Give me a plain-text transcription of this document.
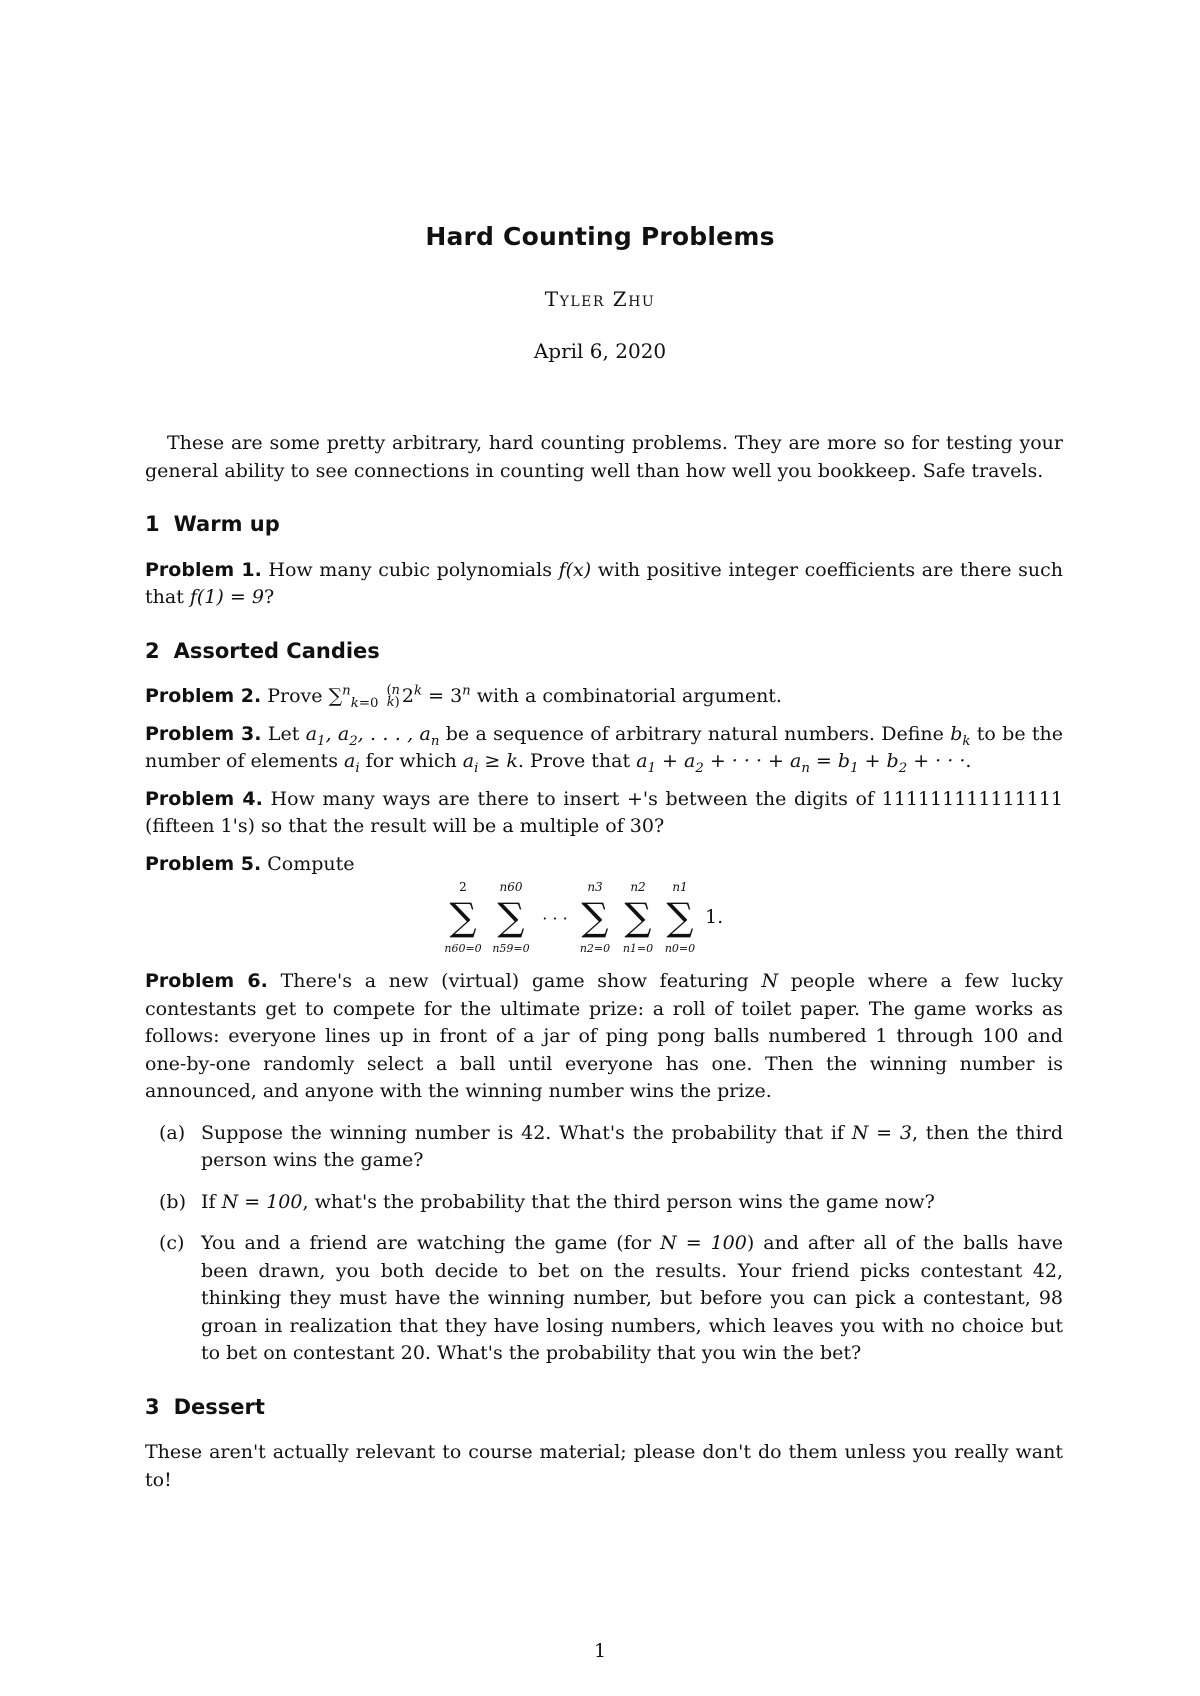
Hard Counting Problems
Tyler Zhu
April 6, 2020

These are some pretty arbitrary, hard counting problems. They are more so for testing your general ability to see connections in counting well than how well you bookkeep. Safe travels.

1 Warm up

Problem 1. How many cubic polynomials f(x) with positive integer coefficients are there such that f(1) = 9?

2 Assorted Candies

Problem 2. Prove ∑$^n_{k=0}$ (n
k) $2^k = 3^n$ with a combinatorial argument.

Problem 3. Let $a_1$, $a_2$, . . . , $a_n$ be a sequence of arbitrary natural numbers. Define $b_k$ to be the number of elements $a_i$ for which $a_i \ge k$. Prove that $a_1 + a_2$ + · · · + $a_n = b_1 + b_2$ + · · ·.

Problem 4. How many ways are there to insert +'s between the digits of 111111111111111 (fifteen 1's) so that the result will be a multiple of 30?

Problem 5. Compute

2
∑
n60=0
n60
∑
n59=0
· · ·
n3
∑
n2=0
n2
∑
n1=0
n1
∑
n0=0
1.

Problem 6. There's a new (virtual) game show featuring N people where a few lucky contestants get to compete for the ultimate prize: a roll of toilet paper. The game works as follows: everyone lines up in front of a jar of ping pong balls numbered 1 through 100 and one-by-one randomly select a ball until everyone has one. Then the winning number is announced, and anyone with the winning number wins the prize.

(a) Suppose the winning number is 42. What's the probability that if N = 3, then the third person wins the game?
(b) If N = 100, what's the probability that the third person wins the game now?
(c) You and a friend are watching the game (for N = 100) and after all of the balls have been drawn, you both decide to bet on the results. Your friend picks contestant 42, thinking they must have the winning number, but before you can pick a contestant, 98 groan in realization that they have losing numbers, which leaves you with no choice but to bet on contestant 20. What's the probability that you win the bet?
3 Dessert

These aren't actually relevant to course material; please don't do them unless you really want to!

1
